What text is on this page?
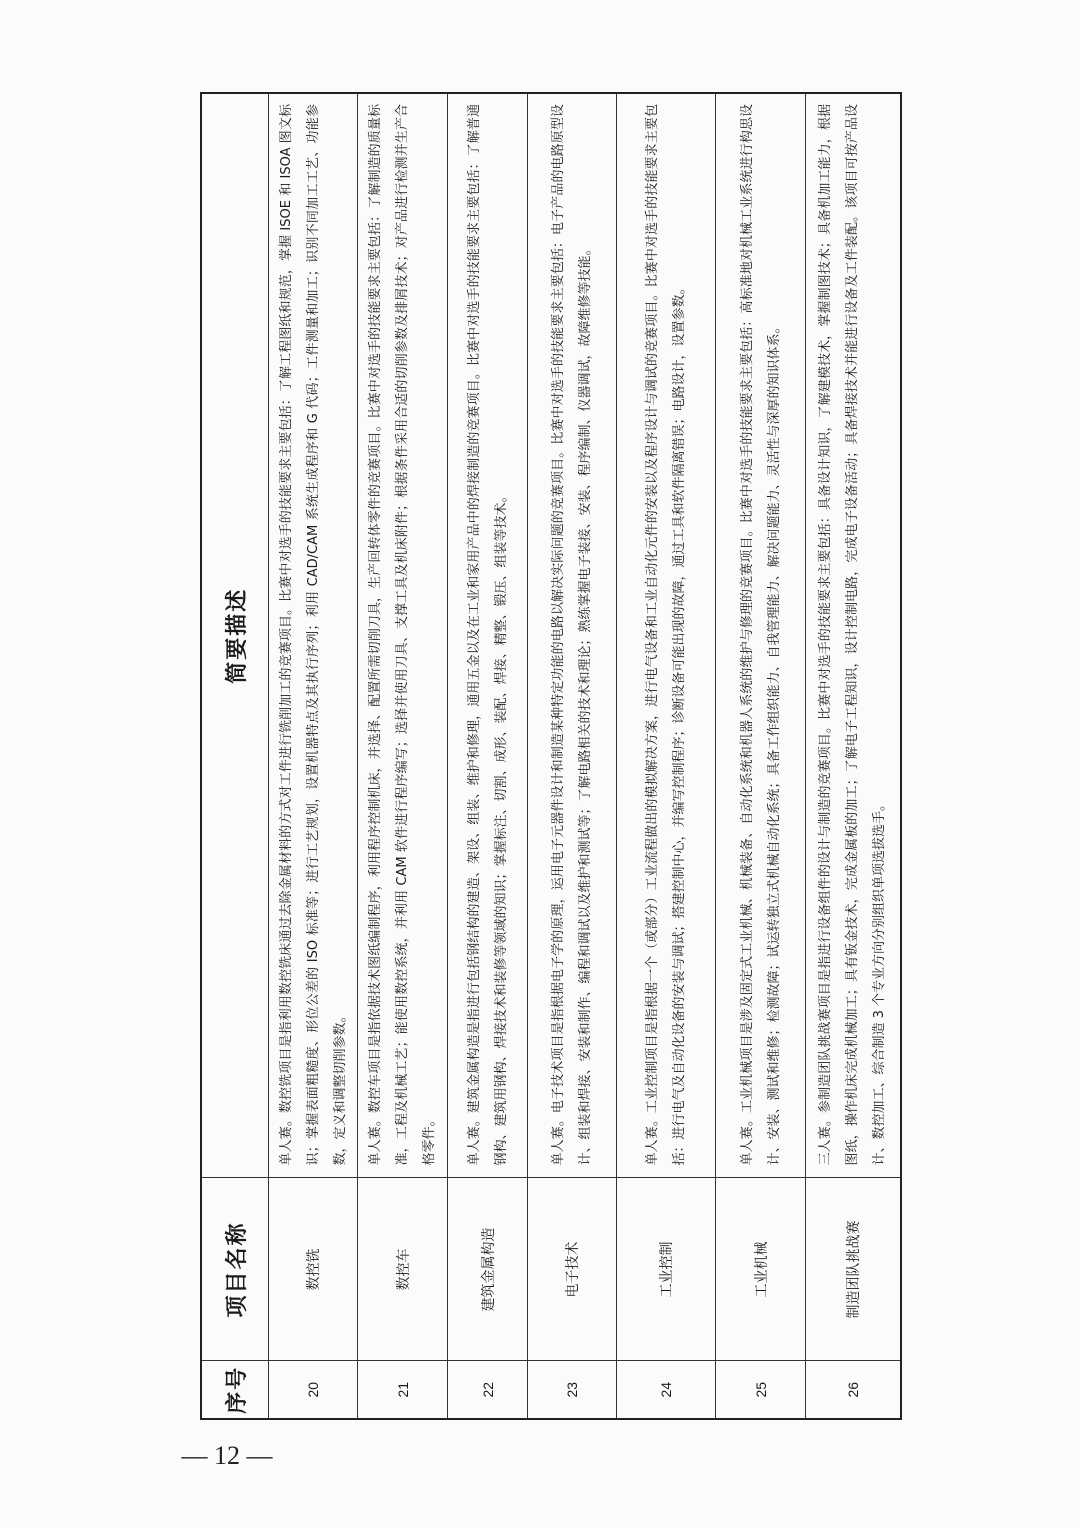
序号	项目名称	简要描述
20	数控铣	单人赛。数控铣项目是指利用数控铣床通过去除金属材料的方式对工件进行铣削加工的竞赛项目。比赛中对选手的技能要求主要包括：了解工程图纸和规范，掌握 ISOE 和 ISOA 图文标识；掌握表面粗糙度、形位公差的 ISO 标准等；进行工艺规划，设置机器特点及其执行序列；利用 CAD/CAM 系统生成程序和 G 代码；工件测量和加工；识别不同加工工艺、功能参数，定义和调整切削参数。
21	数控车	单人赛。数控车项目是指依据技术图纸编制程序，利用程序控制机床，并选择、配置所需切削刀具，生产回转体零件的竞赛项目。比赛中对选手的技能要求主要包括：了解制造的质量标准，工程及机械工艺；能使用数控系统，并利用 CAM 软件进行程序编写；选择并使用刀具、支撑工具及机床附件；根据条件采用合适的切削参数及排屑技术；对产品进行检测并生产合格零件。
22	建筑金属构造	单人赛。建筑金属构造是指进行包括钢结构的建造、架设、组装、维护和修理，通用五金以及在工业和家用产品中的焊接制造的竞赛项目。比赛中对选手的技能要求主要包括：了解普通钢构、建筑用钢构、焊接技术和装修等领域的知识；掌握标注、切割、成形、装配、焊接、精整、锻压、组装等技术。
23	电子技术	单人赛。电子技术项目是指根据电子学的原理，运用电子元器件设计和制造某种特定功能的电路以解决实际问题的竞赛项目。比赛中对选手的技能要求主要包括：电子产品的电路原型设计、组装和焊接、安装和制作、编程和调试以及维护和测试等；了解电路相关的技术和理论；熟练掌握电子装接、安装、程序编制、仪器调试，故障维修等技能。
24	工业控制	单人赛。工业控制项目是指根据一个（或部分）工业流程做出的模拟解决方案，进行电气设备和工业自动化元件的安装以及程序设计与调试的竞赛项目。比赛中对选手的技能要求主要包括：进行电气及自动化设备的安装与调试；搭建控制中心，并编写控制程序；诊断设备可能出现的故障，通过工具和软件隔离错误；电路设计，设置参数。
25	工业机械	单人赛。工业机械项目是涉及固定式工业机械、机械装备、自动化系统和机器人系统的维护与修理的竞赛项目。比赛中对选手的技能要求主要包括：高标准地对机械工业系统进行构思设计、安装、测试和维修；检测故障；试运转独立式机械自动化系统；具备工作组织能力、自我管理能力、解决问题能力、灵活性与深厚的知识体系。
26	制造团队挑战赛	三人赛。参制造团队挑战赛项目是指进行设备组件的设计与制造的竞赛项目。比赛中对选手的技能要求主要包括：具备设计知识，了解建模技术，掌握制图技术；具备机加工能力，根据图纸，操作机床完成机械加工；具有钣金技术，完成金属板的加工；了解电子工程知识，设计控制电路，完成电子设备活动；具备焊接技术并能进行设备及工件装配。该项目可按产品设计、数控加工、综合制造 3 个专业方向分别组织单项选拔选手。
— 12 —
